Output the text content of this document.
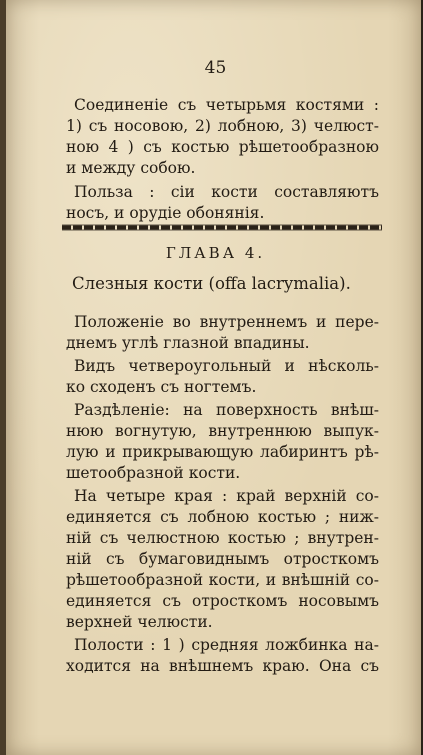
45
Соединенie съ четырьмя костями :
1) съ носовою, 2) лобною, 3) челюст-
ною 4 ) съ костью рѣшетообразною
и между собою.
Польза : сiи кости составляютъ
носъ, и орудiе обонянiя.
ГЛАВА 4.
Слезныя кости (offa lacrymalia).
Положенiе во внутреннемъ и пере-
днемъ углѣ глазной впадины.
Видъ четвероугольный и нѣсколь-
ко сходенъ съ ногтемъ.
Раздѣленiе: на поверхность внѣш-
нюю вогнутую, внутреннюю выпук-
лую и прикрывающую лабиринтъ рѣ-
шетообразной кости.
На четыре края : край верхнiй со-
единяется съ лобною костью ; ниж-
нiй съ челюстною костью ; внутрен-
нiй съ бумаговиднымъ отросткомъ
рѣшетообразной кости, и внѣшнiй со-
единяется съ отросткомъ носовымъ
верхней челюсти.
Полости : 1 ) средняя ложбинка на-
ходится на внѣшнемъ краю. Она съ
